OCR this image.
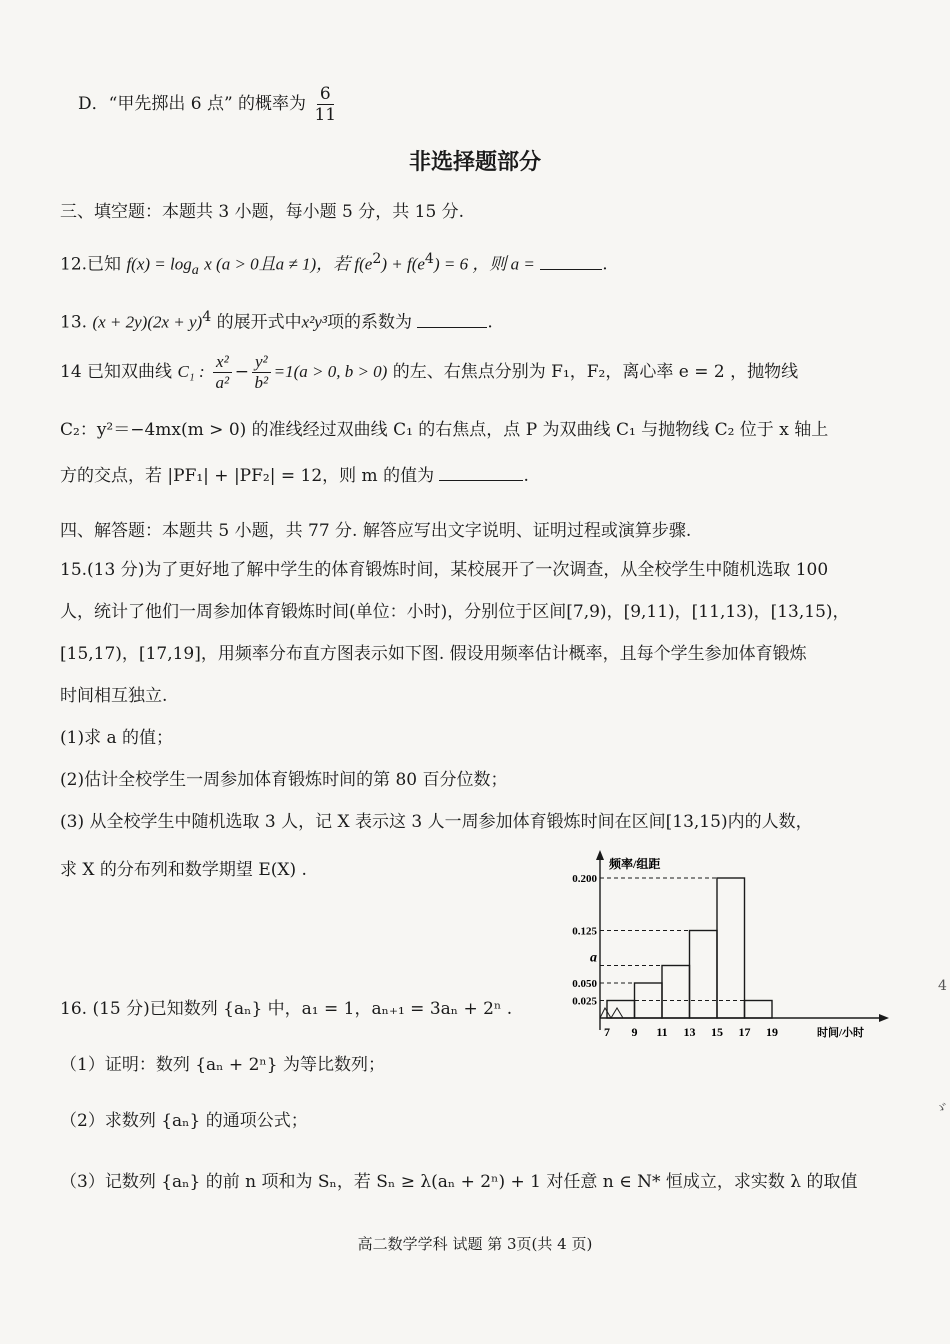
D．“甲先掷出 6 点” 的概率为 $\frac{6}{11}$
非选择题部分
三、填空题：本题共 3 小题，每小题 5 分，共 15 分.
12.已知 $f(x) = \log_a x$ (a > 0且a ≠ 1)，若 $f(e^2) + f(e^4) = 6$ ，则 a =	.
13. $(x + 2y)(2x + y)^4$ 的展开式中x²y³项的系数为	.
14 已知双曲线 C₁ : $\frac{\text{x²}}{\text{a²}} - \frac{\text{y²}}{\text{b²}} =1(a > 0$, b > 0) 的左、右焦点分别为 F₁，F₂，离心率 e = 2 ，抛物线
C₂：y²＝−4mx(m > 0) 的准线经过双曲线 C₁ 的右焦点，点 P 为双曲线 C₁ 与抛物线 C₂ 位于 x 轴上
方的交点，若 |PF₁| + |PF₂| = 12，则 m 的值为	.
四、解答题：本题共 5 小题，共 77 分. 解答应写出文字说明、证明过程或演算步骤.
15.(13 分)为了更好地了解中学生的体育锻炼时间，某校展开了一次调查，从全校学生中随机选取 100
人，统计了他们一周参加体育锻炼时间(单位：小时)，分别位于区间[7,9)，[9,11)，[11,13)，[13,15)，
[15,17)，[17,19]，用频率分布直方图表示如下图. 假设用频率估计概率，且每个学生参加体育锻炼
时间相互独立.
(1)求 a 的值；
(2)估计全校学生一周参加体育锻炼时间的第 80 百分位数；
(3) 从全校学生中随机选取 3 人，记 X 表示这 3 人一周参加体育锻炼时间在区间[13,15)内的人数，
求 X 的分布列和数学期望 E(X) .	频率/组距
时间/小时
0.200
0.125
a
0.050
0.025
7 9 11 13 15 17 19
16. (15 分)已知数列 {aₙ} 中，a₁ = 1，aₙ₊₁ = 3aₙ + 2ⁿ .
（1）证明：数列 {aₙ + 2ⁿ} 为等比数列；
（2）求数列 {aₙ} 的通项公式；
（3）记数列 {aₙ} 的前 n 项和为 Sₙ，若 Sₙ ≥ λ(aₙ + 2ⁿ) + 1 对任意 n ∈ N* 恒成立，求实数 λ 的取值
高二数学学科 试题 第 3页(共 4 页)
4
ゞ
